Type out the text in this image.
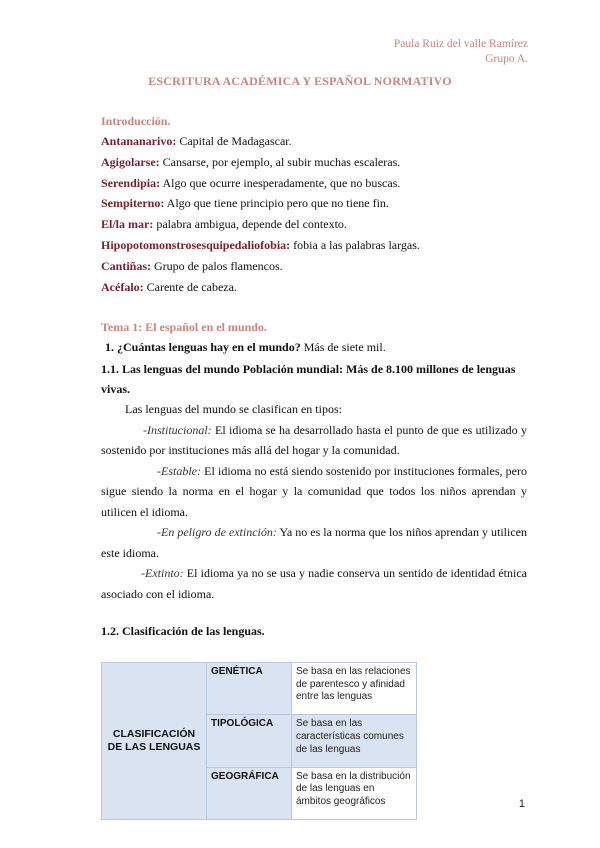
Paula Ruiz del valle Ramírez
Grupo A.
ESCRITURA ACADÉMICA Y ESPAÑOL NORMATIVO
Introducción.
Antananarivo: Capital de Madagascar.
Agigolarse: Cansarse, por ejemplo, al subir muchas escaleras.
Serendipia: Algo que ocurre inesperadamente, que no buscas.
Sempiterno: Algo que tiene principio pero que no tiene fin.
El/la mar: palabra ambigua, depende del contexto.
Hipopotomonstrosesquipedaliofobia: fobia a las palabras largas.
Cantiñas: Grupo de palos flamencos.
Acéfalo: Carente de cabeza.
Tema 1: El español en el mundo.
1. ¿Cuántas lenguas hay en el mundo? Más de siete mil.
1.1. Las lenguas del mundo Población mundial: Más de 8.100 millones de lenguas vivas.
Las lenguas del mundo se clasifican en tipos:
-Institucional: El idioma se ha desarrollado hasta el punto de que es utilizado y sostenido por instituciones más allá del hogar y la comunidad.
-Estable: El idioma no está siendo sostenido por instituciones formales, pero sigue siendo la norma en el hogar y la comunidad que todos los niños aprendan y utilicen el idioma.
-En peligro de extinción: Ya no es la norma que los niños aprendan y utilicen este idioma.
-Extinto: El idioma ya no se usa y nadie conserva un sentido de identidad étnica asociado con el idioma.
1.2. Clasificación de las lenguas.
CLASIFICACIÓN DE LAS LENGUAS	GENÉTICA	Se basa en las relaciones de parentesco y afinidad entre las lenguas
	TIPOLÓGICA	Se basa en las características comunes de las lenguas
	GEOGRÁFICA	Se basa en la distribución de las lenguas en ámbitos geográficos	1
